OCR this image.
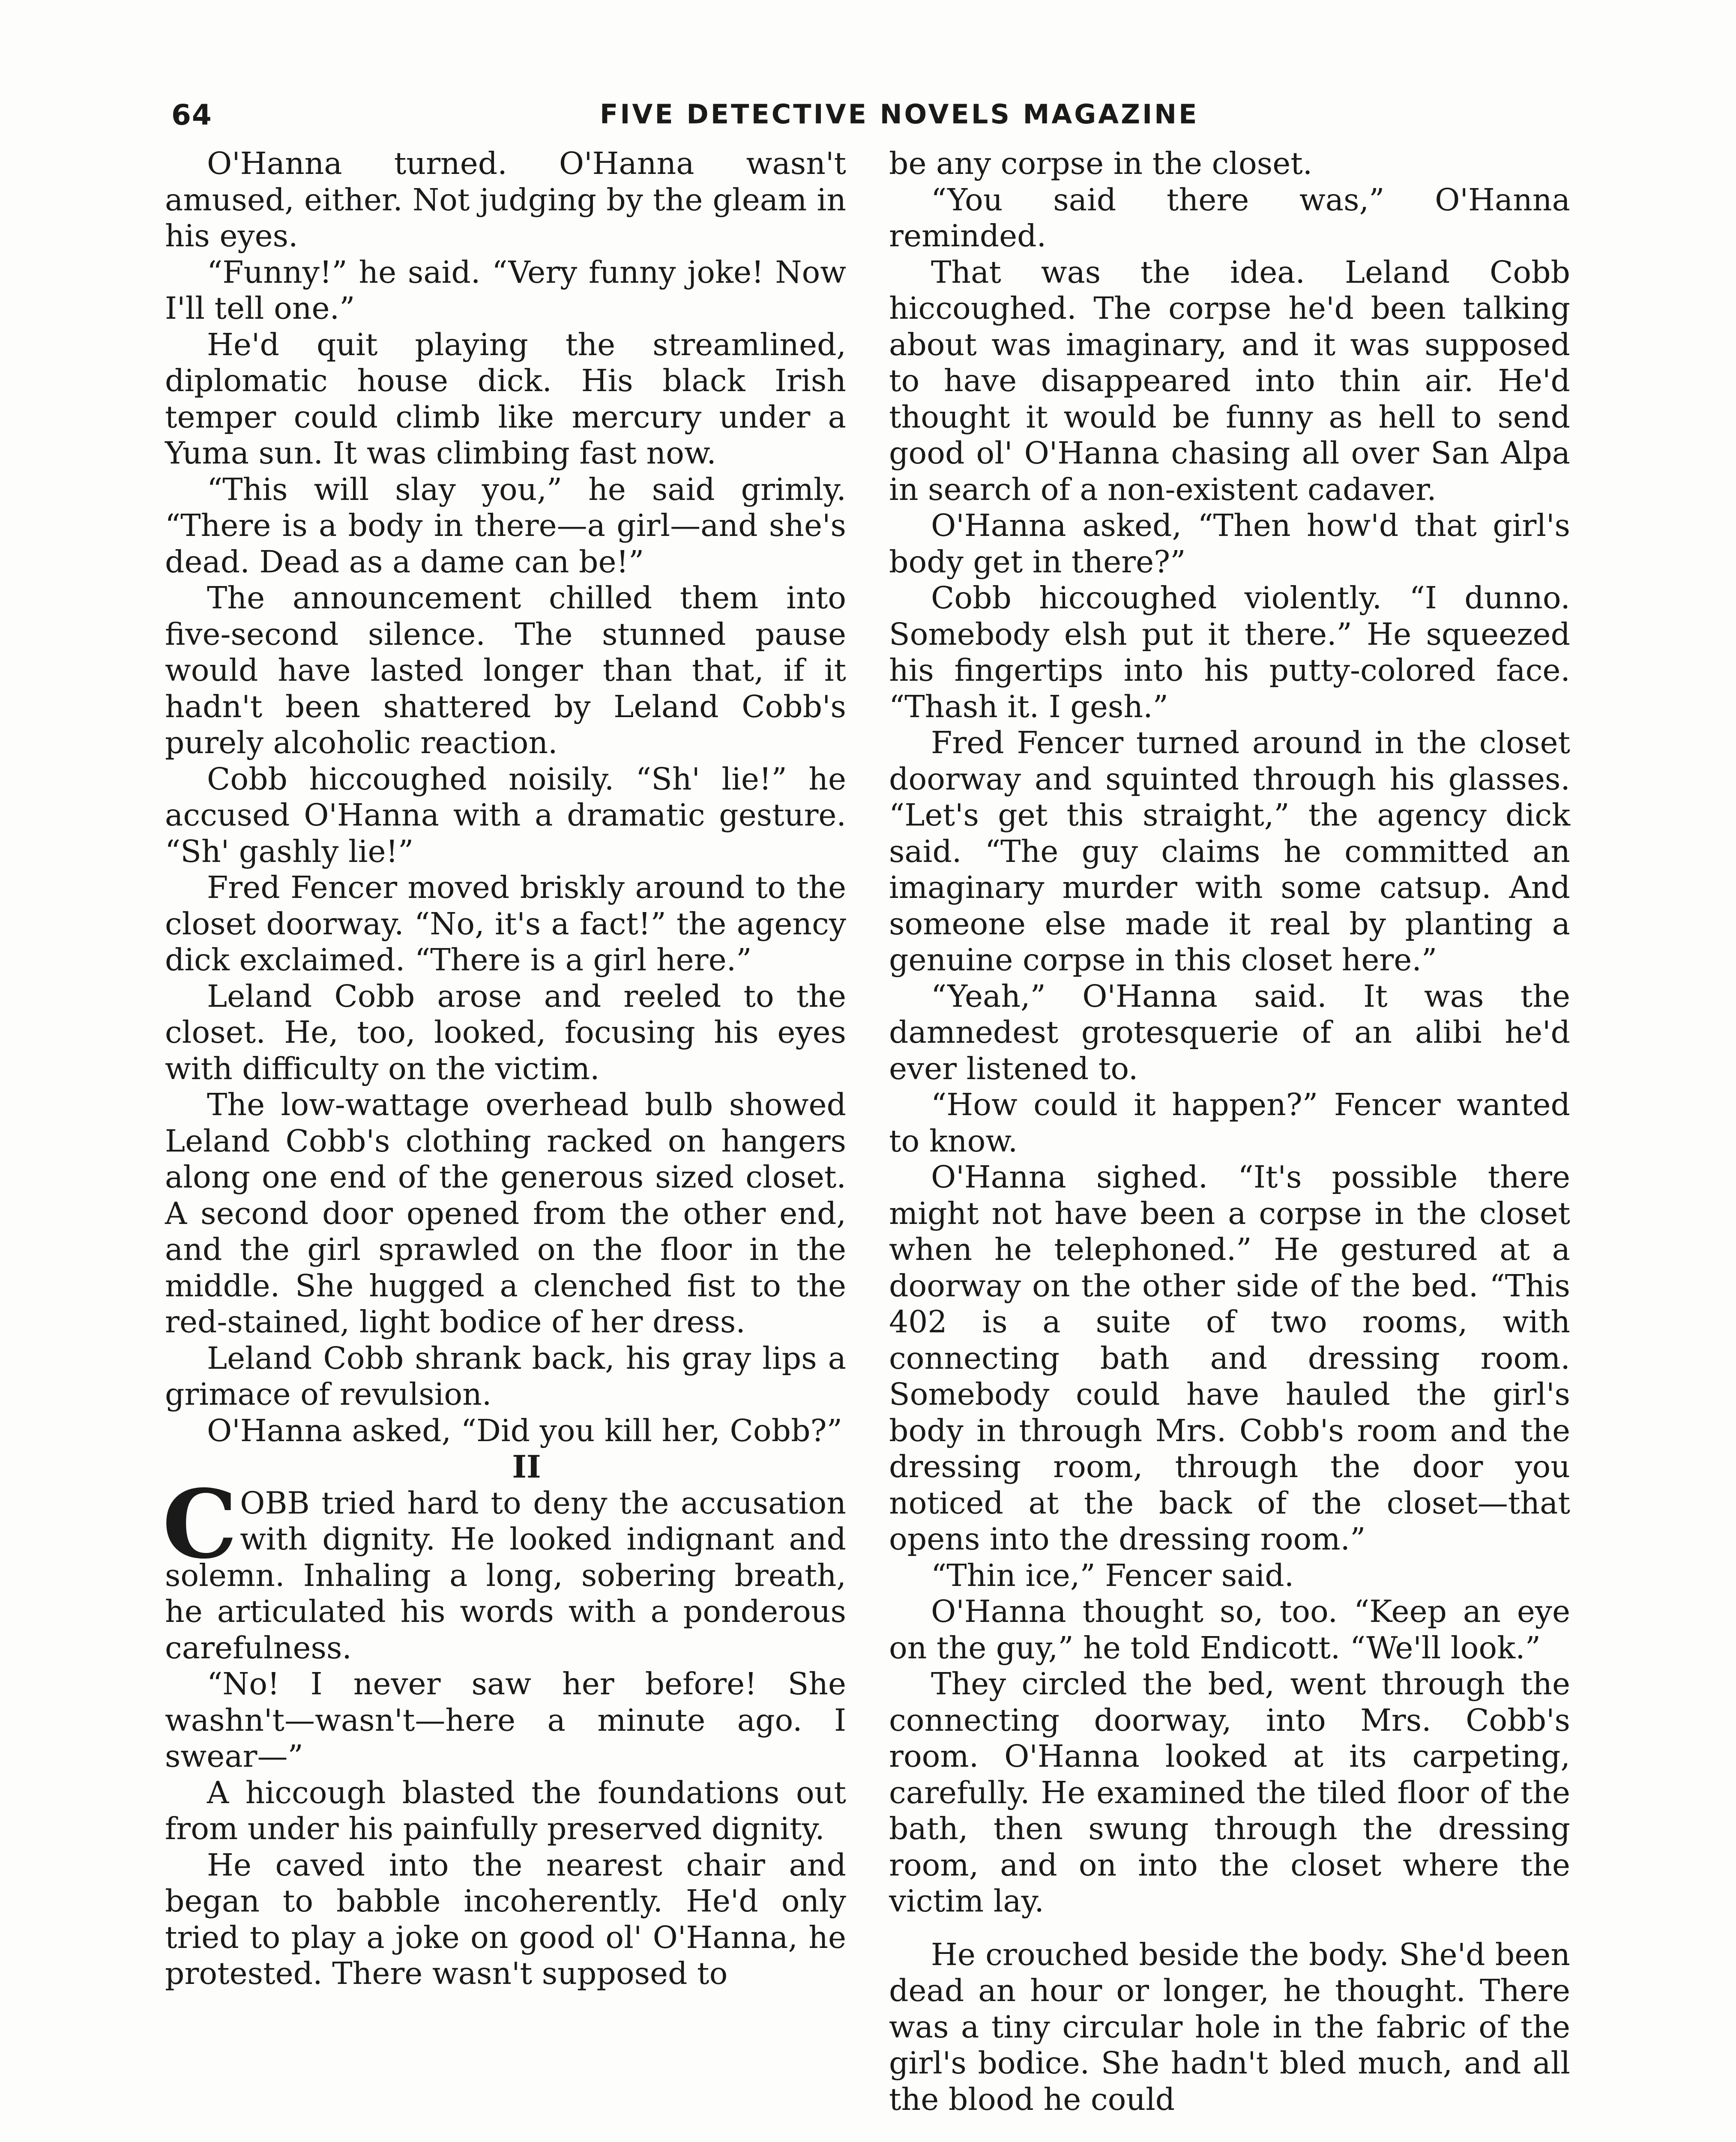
64	FIVE DETECTIVE NOVELS MAGAZINE

O'Hanna turned. O'Hanna wasn't amused, either. Not judging by the gleam in his eyes.

“Funny!” he said. “Very funny joke! Now I'll tell one.”

He'd quit playing the streamlined, diplomatic house dick. His black Irish temper could climb like mercury under a Yuma sun. It was climbing fast now.

“This will slay you,” he said grimly. “There is a body in there—a girl—and she's dead. Dead as a dame can be!”

The announcement chilled them into five-second silence. The stunned pause would have lasted longer than that, if it hadn't been shattered by Leland Cobb's purely alcoholic reaction.

Cobb hiccoughed noisily. “Sh' lie!” he accused O'Hanna with a dramatic gesture. “Sh' gashly lie!”

Fred Fencer moved briskly around to the closet doorway. “No, it's a fact!” the agency dick exclaimed. “There is a girl here.”

Leland Cobb arose and reeled to the closet. He, too, looked, focusing his eyes with difficulty on the victim.

The low-wattage overhead bulb showed Leland Cobb's clothing racked on hangers along one end of the generous sized closet. A second door opened from the other end, and the girl sprawled on the floor in the middle. She hugged a clenched fist to the red-stained, light bodice of her dress.

Leland Cobb shrank back, his gray lips a grimace of revulsion.

O'Hanna asked, “Did you kill her, Cobb?”

II

COBB tried hard to deny the accusation with dignity. He looked indignant and solemn. Inhaling a long, sobering breath, he articulated his words with a ponderous carefulness.

“No! I never saw her before! She washn't—wasn't—here a minute ago. I swear—”

A hiccough blasted the foundations out from under his painfully preserved dignity.

He caved into the nearest chair and began to babble incoherently. He'd only tried to play a joke on good ol' O'Hanna, he protested. There wasn't supposed to

be any corpse in the closet.

“You said there was,” O'Hanna reminded.

That was the idea. Leland Cobb hiccoughed. The corpse he'd been talking about was imaginary, and it was supposed to have disappeared into thin air. He'd thought it would be funny as hell to send good ol' O'Hanna chasing all over San Alpa in search of a non-existent cadaver.

O'Hanna asked, “Then how'd that girl's body get in there?”

Cobb hiccoughed violently. “I dunno. Somebody elsh put it there.” He squeezed his fingertips into his putty-colored face. “Thash it. I gesh.”

Fred Fencer turned around in the closet doorway and squinted through his glasses. “Let's get this straight,” the agency dick said. “The guy claims he committed an imaginary murder with some catsup. And someone else made it real by planting a genuine corpse in this closet here.”

“Yeah,” O'Hanna said. It was the damnedest grotesquerie of an alibi he'd ever listened to.

“How could it happen?” Fencer wanted to know.

O'Hanna sighed. “It's possible there might not have been a corpse in the closet when he telephoned.” He gestured at a doorway on the other side of the bed. “This 402 is a suite of two rooms, with connecting bath and dressing room. Somebody could have hauled the girl's body in through Mrs. Cobb's room and the dressing room, through the door you noticed at the back of the closet—that opens into the dressing room.”

“Thin ice,” Fencer said.

O'Hanna thought so, too. “Keep an eye on the guy,” he told Endicott. “We'll look.”

They circled the bed, went through the connecting doorway, into Mrs. Cobb's room. O'Hanna looked at its carpeting, carefully. He examined the tiled floor of the bath, then swung through the dressing room, and on into the closet where the victim lay.

He crouched beside the body. She'd been dead an hour or longer, he thought. There was a tiny circular hole in the fabric of the girl's bodice. She hadn't bled much, and all the blood he could
